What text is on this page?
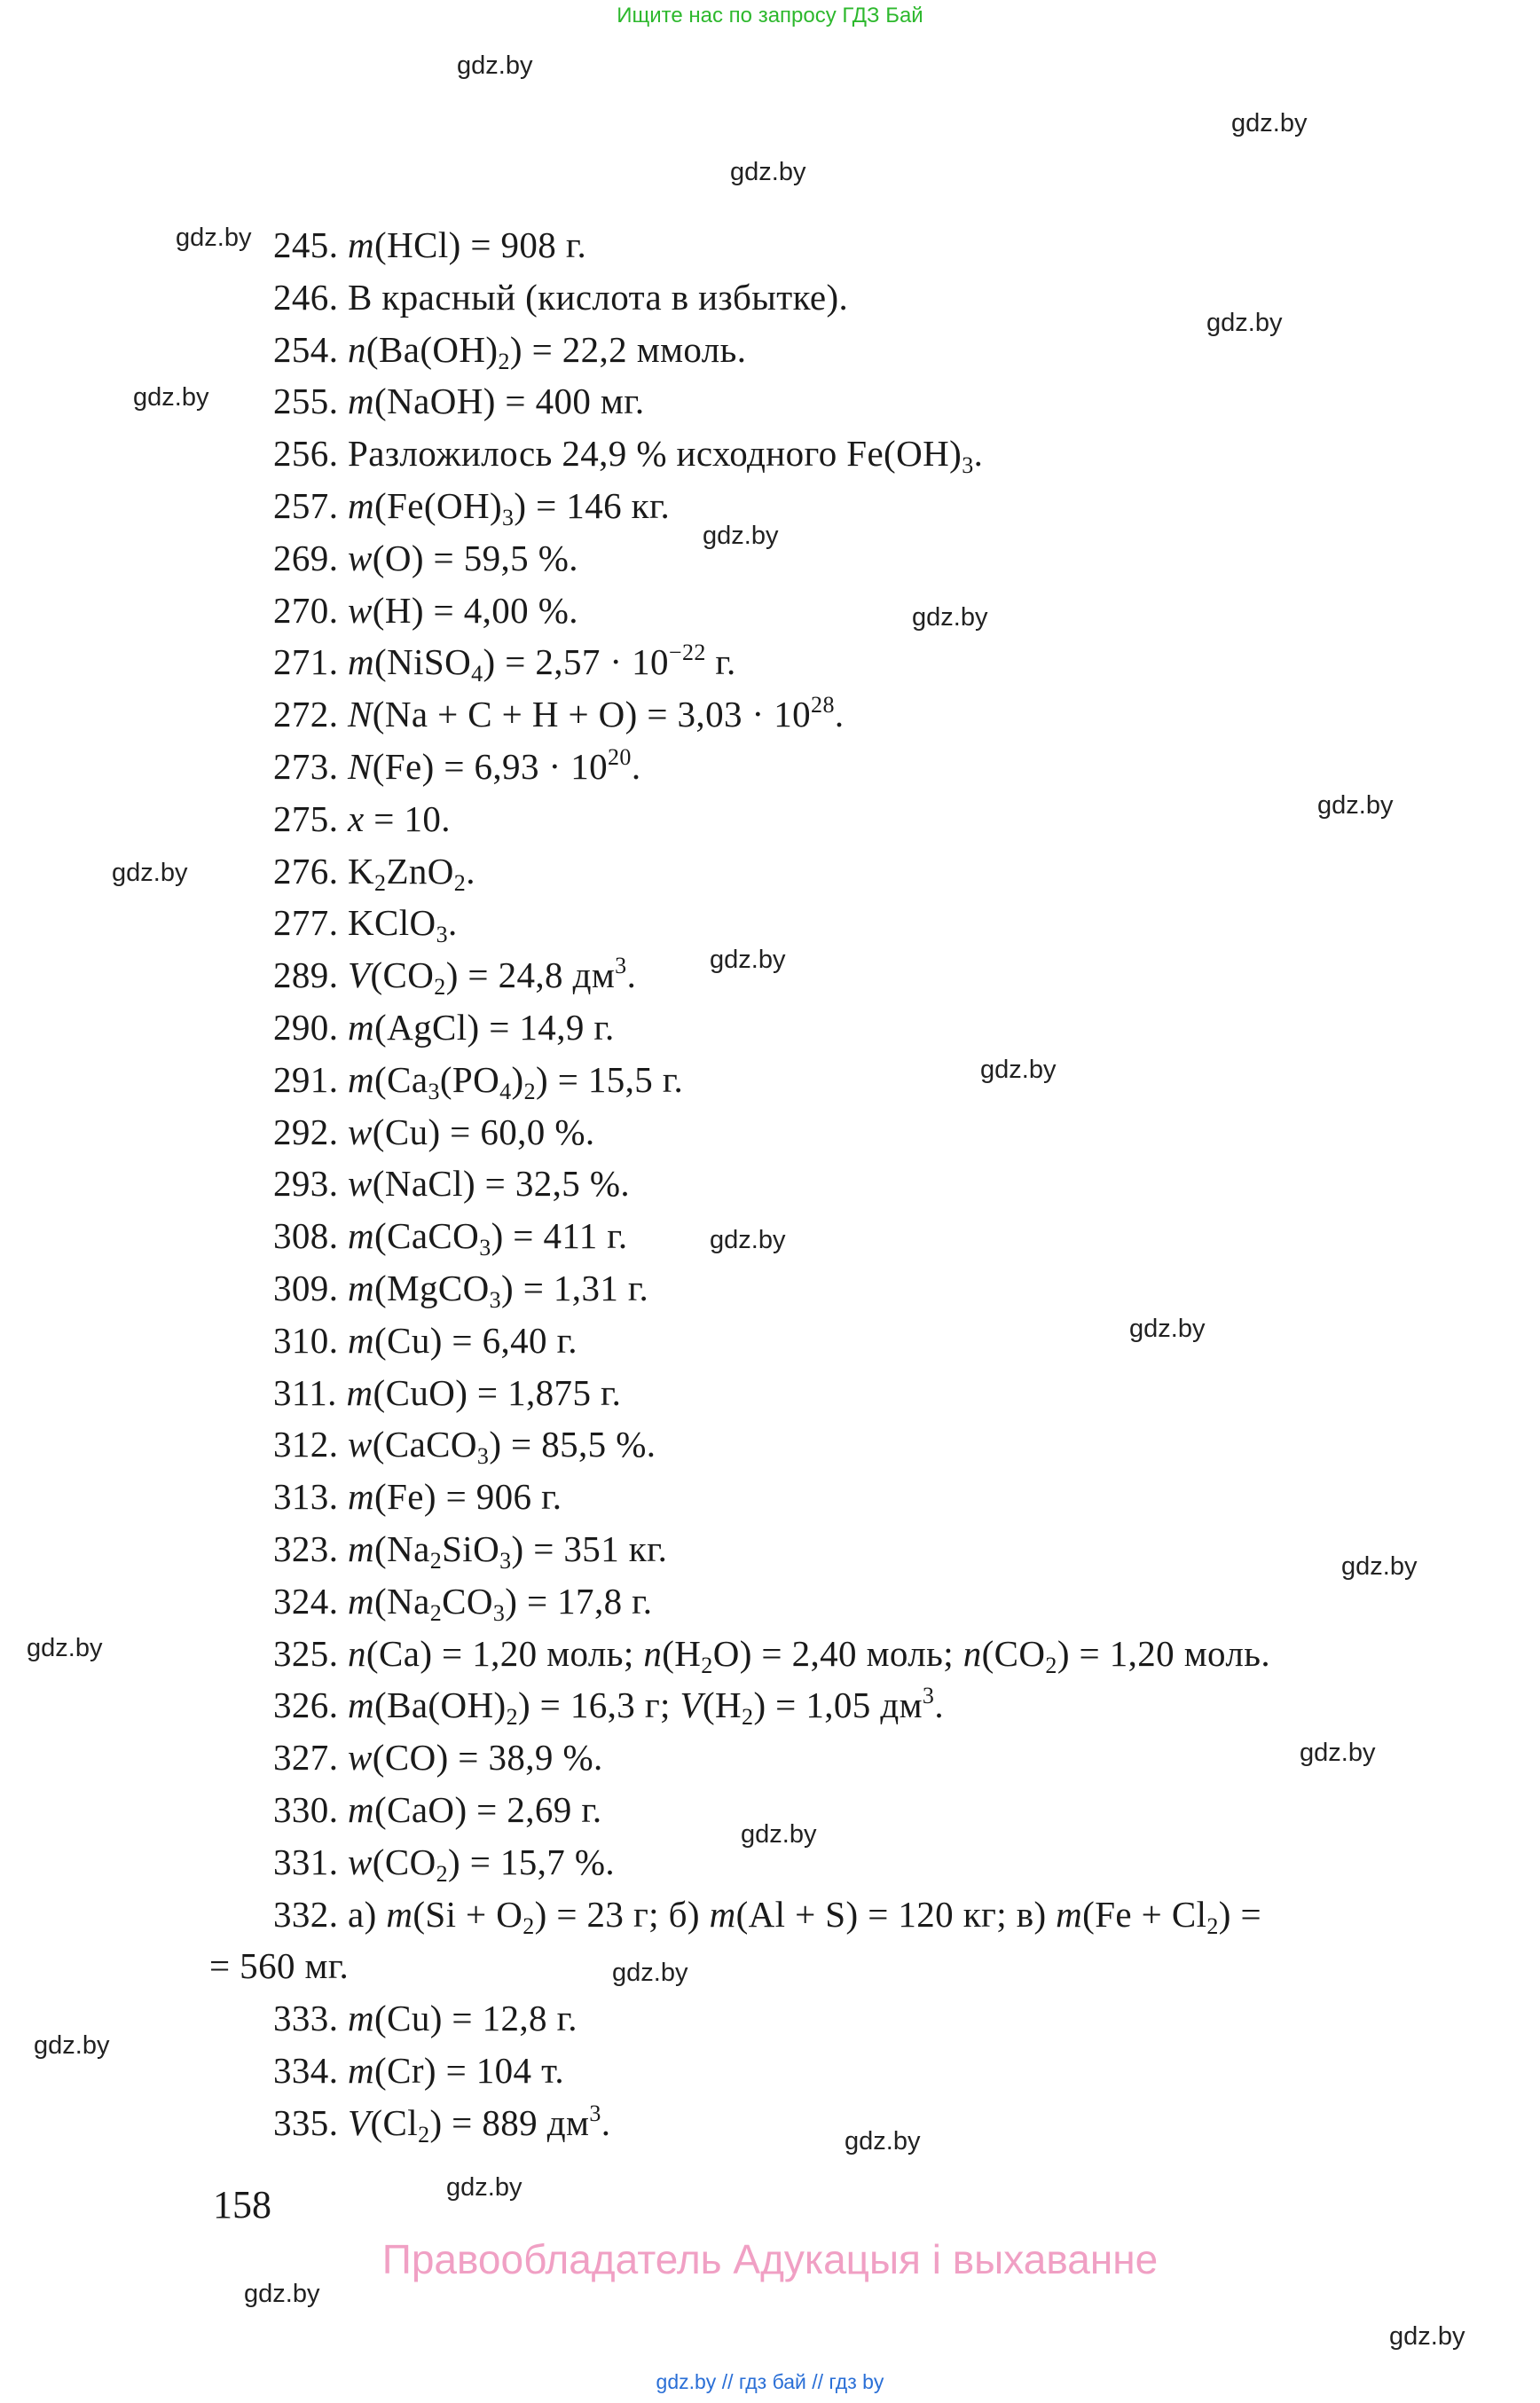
Ищите нас по запросу ГДЗ Бай
gdz.by
gdz.by
gdz.by
gdz.by
gdz.by
gdz.by
gdz.by
gdz.by
gdz.by
gdz.by
gdz.by
gdz.by
gdz.by
gdz.by
gdz.by
gdz.by
gdz.by
gdz.by
gdz.by
gdz.by
gdz.by
gdz.by
gdz.by
gdz.by
245. m(HCl) = 908 г.
246. В красный (кислота в избытке).
254. $n(Ba(OH)_2) = 22,2$ ммоль.
255. m(NaOH) = 400 мг.
256. Разложилось 24,9 % исходного $Fe(OH)_3$.
257. $m(Fe(OH)_3) = 146$ кг.
269. w(O) = 59,5 %.
270. w(H) = 4,00 %.
271. m(NiSO$_4$) = $2,57 \cdot 10^{-22}$ г.
272. $N(Na + C + H + O) = 3,03 \cdot 10^{28}$.
273. $N(Fe) = 6,93 \cdot 10^{20}$.
275. x = 10.
276. $K_2ZnO_2$.
277. KClO$_3$.
289. $V(CO_2) = 24,8$ $дм^3$.
290. m(AgCl) = 14,9 г.
291. $m(Ca_3(PO_4)_2) = 15,5$ г.
292. w(Cu) = 60,0 %.
293. w(NaCl) = 32,5 %.
308. m(CaCO$_3$) = 411 г.
309. m(MgCO$_3$) = 1,31 г.
310. m(Cu) = 6,40 г.
311. m(CuO) = 1,875 г.
312. w(CaCO$_3$) = 85,5 %.
313. m(Fe) = 906 г.
323. $m(Na_2SiO_3) = 351$ кг.
324. $m(Na_2CO_3) = 17,8$ г.
325. n(Ca) = 1,20 моль; $n(H_2O) = 2,40$ моль; $n(CO_2) = 1,20$ моль.
326. $m(Ba(OH)_2) = 16,3$ г; $V(H_2) = 1,05$ $дм^3$.
327. w(CO) = 38,9 %.
330. m(CaO) = 2,69 г.
331. $w(CO_2) = 15,7$ %.
332. а) $m(Si + O_2) = 23$ г; б) m(Al + S) = 120 кг; в) $m(Fe + Cl_2)$ =
= 560 мг.
333. m(Cu) = 12,8 г.
334. m(Cr) = 104 т.
335. $V(Cl_2) = 889$ $дм^3$.
158
Правообладатель Адукацыя і выхаванне
gdz.by // гдз бай // гдз by
